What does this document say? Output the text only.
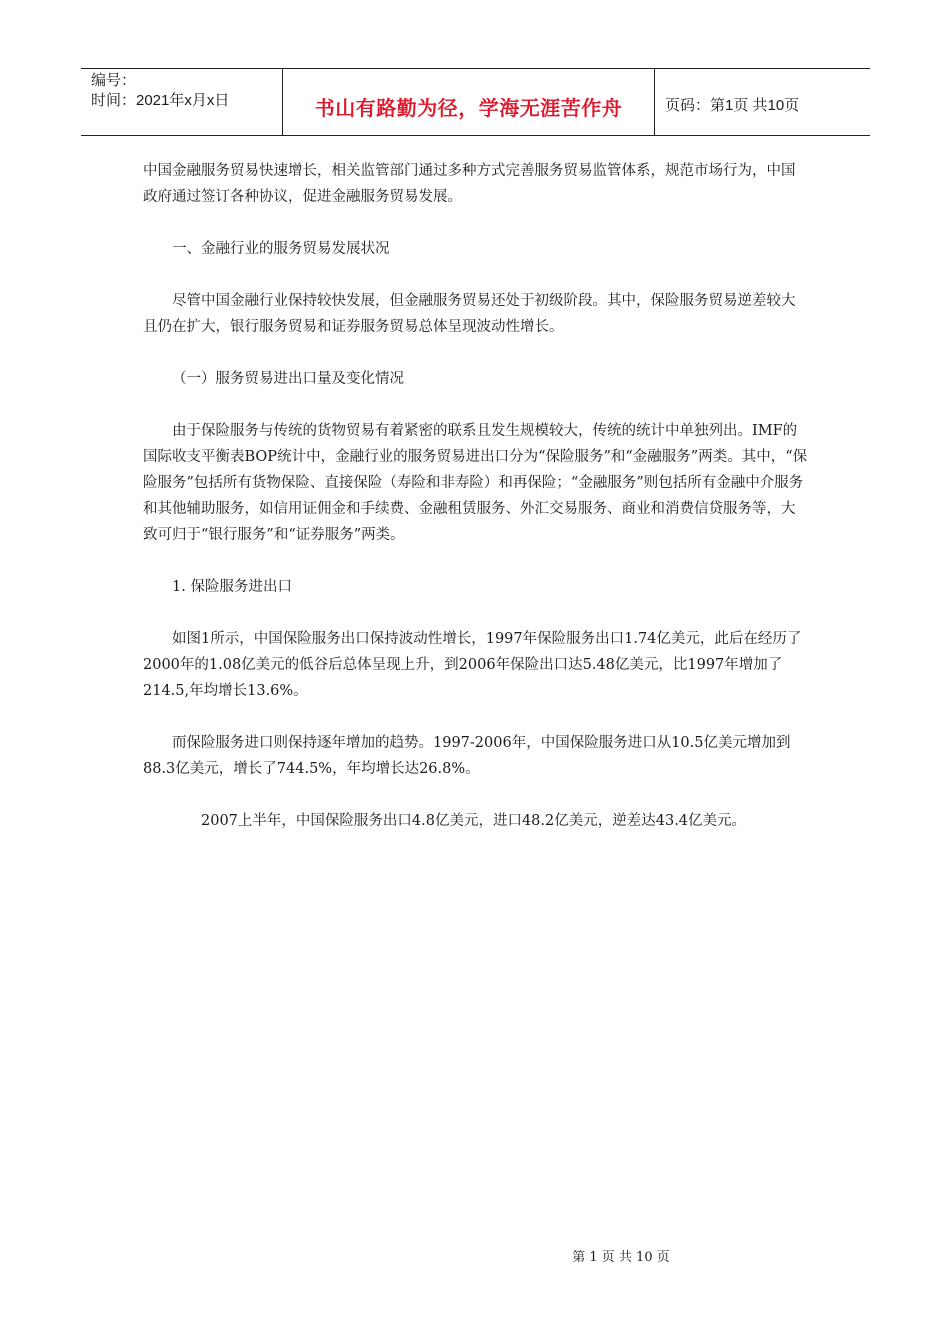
编号：
时间：2021年x月x日	书山有路勤为径，学海无涯苦作舟	页码：第1页 共10页

中国金融服务贸易快速增长，相关监管部门通过多种方式完善服务贸易监管体系，规范市场行为，中国政府通过签订各种协议，促进金融服务贸易发展。

一、金融行业的服务贸易发展状况

尽管中国金融行业保持较快发展，但金融服务贸易还处于初级阶段。其中，保险服务贸易逆差较大且仍在扩大，银行服务贸易和证券服务贸易总体呈现波动性增长。

（一）服务贸易进出口量及变化情况

由于保险服务与传统的货物贸易有着紧密的联系且发生规模较大，传统的统计中单独列出。IMF的国际收支平衡表BOP统计中，金融行业的服务贸易进出口分为“保险服务”和“金融服务”两类。其中，“保险服务”包括所有货物保险、直接保险（寿险和非寿险）和再保险；“金融服务”则包括所有金融中介服务和其他辅助服务，如信用证佣金和手续费、金融租赁服务、外汇交易服务、商业和消费信贷服务等，大致可归于“银行服务”和“证券服务”两类。

1. 保险服务进出口

如图1所示，中国保险服务出口保持波动性增长，1997年保险服务出口1.74亿美元，此后在经历了2000年的1.08亿美元的低谷后总体呈现上升，到2006年保险出口达5.48亿美元，比1997年增加了214.5,年均增长13.6%。

而保险服务进口则保持逐年增加的趋势。1997-2006年，中国保险服务进口从10.5亿美元增加到88.3亿美元，增长了744.5%，年均增长达26.8%。

2007上半年，中国保险服务出口4.8亿美元，进口48.2亿美元，逆差达43.4亿美元。

第 1 页 共 10 页
